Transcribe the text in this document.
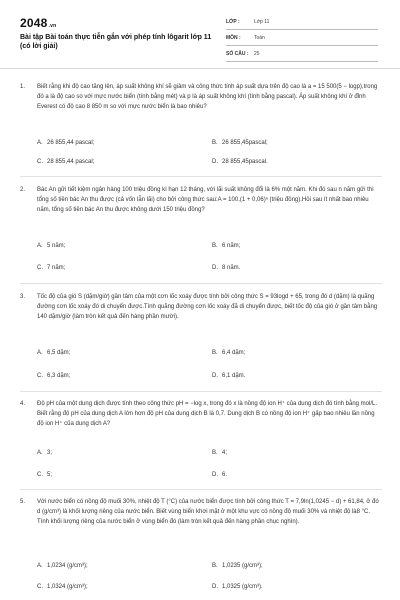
2048.vn
Bài tập Bài toán thực tiễn gắn với phép tính lôgarit lớp 11 (có lời giải)
LỚP :	Lớp 11
MÔN :	Toán
SỐ CÂU :	25
1.	Biết rằng khi độ cao tăng lên, áp suất không khí sẽ giảm và công thức tính áp suất dựa trên độ cao là a = 15 500(5 − logp),trong đó a là độ cao so với mực nước biển (tính bằng mét) và p là áp suất không khí (tính bằng pascal). Áp suất không khí ở đỉnh Everest có độ cao 8 850 m so với mực nước biển là bao nhiêu?
A. 26 855,44 pascal;	B. 26 855,45pascal;
C. 28 855,44 pascal;	D. 28 855,45pascal.
2.	Bác An gửi tiết kiệm ngân hàng 100 triệu đồng kì hạn 12 tháng, với lãi suất không đổi là 6% một năm. Khi đó sau n năm gửi thì tổng số tiền bác An thu được (cả vốn lẫn lãi) cho bởi công thức sau:A = 100.(1 + 0,06)ⁿ (triệu đồng).Hỏi sau ít nhất bao nhiêu năm, tổng số tiền bác An thu được không dưới 150 triệu đồng?
A. 5 năm;	B. 6 năm;
C. 7 năm;	D. 8 năm.
3.	Tốc độ của gió S (dặm/giờ) gần tâm của một cơn lốc xoáy được tính bởi công thức S = 93logd + 65, trong đó d (dặm) là quãng đường cơn lốc xoáy đó di chuyển được.Tính quãng đường cơn lốc xoáy đã di chuyển được, biết tốc độ của gió ở gần tâm bằng 140 dặm/giờ (làm tròn kết quả đến hàng phần mười).
A. 6,5 dặm;	B. 6,4 dặm;
C. 6,3 dặm;	D. 6,1 dặm.
4.	Độ pH của một dung dịch được tính theo công thức pH = −log x, trong đó x là nồng độ ion H⁺ của dung dịch đó tính bằng mol/L. Biết rằng độ pH của dung dịch A lớn hơn độ pH của dung dịch B là 0,7. Dung dịch B có nồng độ ion H⁺ gấp bao nhiêu lần nồng độ ion H⁺ của dung dịch A?
A. 3;	B. 4;
C. 5;	D. 6.
5.	Với nước biển có nồng độ muối 30%, nhiệt độ T (°C) của nước biển được tính bởi công thức T = 7,9ln(1,0245 − d) + 61,84, ở đó d (g/cm³) là khối lượng riêng của nước biển. Biết vùng biển khơi mặt ở một khu vực có nồng độ muối 30% và nhiệt độ là8 °C. Tính khối lượng riêng của nước biển ở vùng biển đó (làm tròn kết quả đến hàng phần chục nghìn).
A. 1,0234 (g/cm³);	B. 1,0235 (g/cm³);
C. 1,0324 (g/cm³);	D. 1,0325 (g/cm³).
